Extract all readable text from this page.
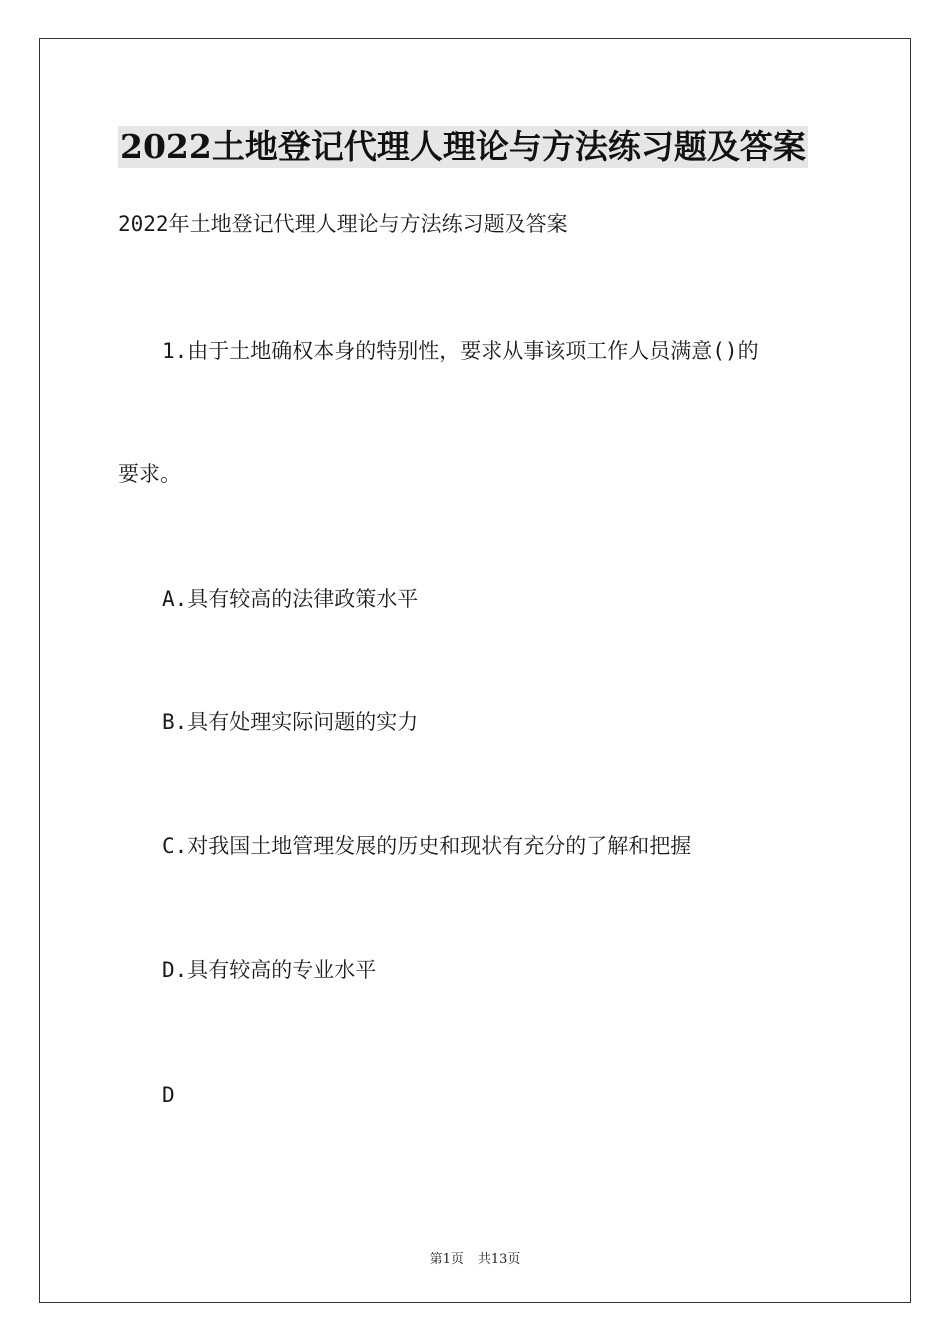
2022土地登记代理人理论与方法练习题及答案
2022年土地登记代理人理论与方法练习题及答案
1.由于土地确权本身的特别性，要求从事该项工作人员满意()的
要求。
A.具有较高的法律政策水平
B.具有处理实际问题的实力
C.对我国土地管理发展的历史和现状有充分的了解和把握
D.具有较高的专业水平
D
第1页 共13页
